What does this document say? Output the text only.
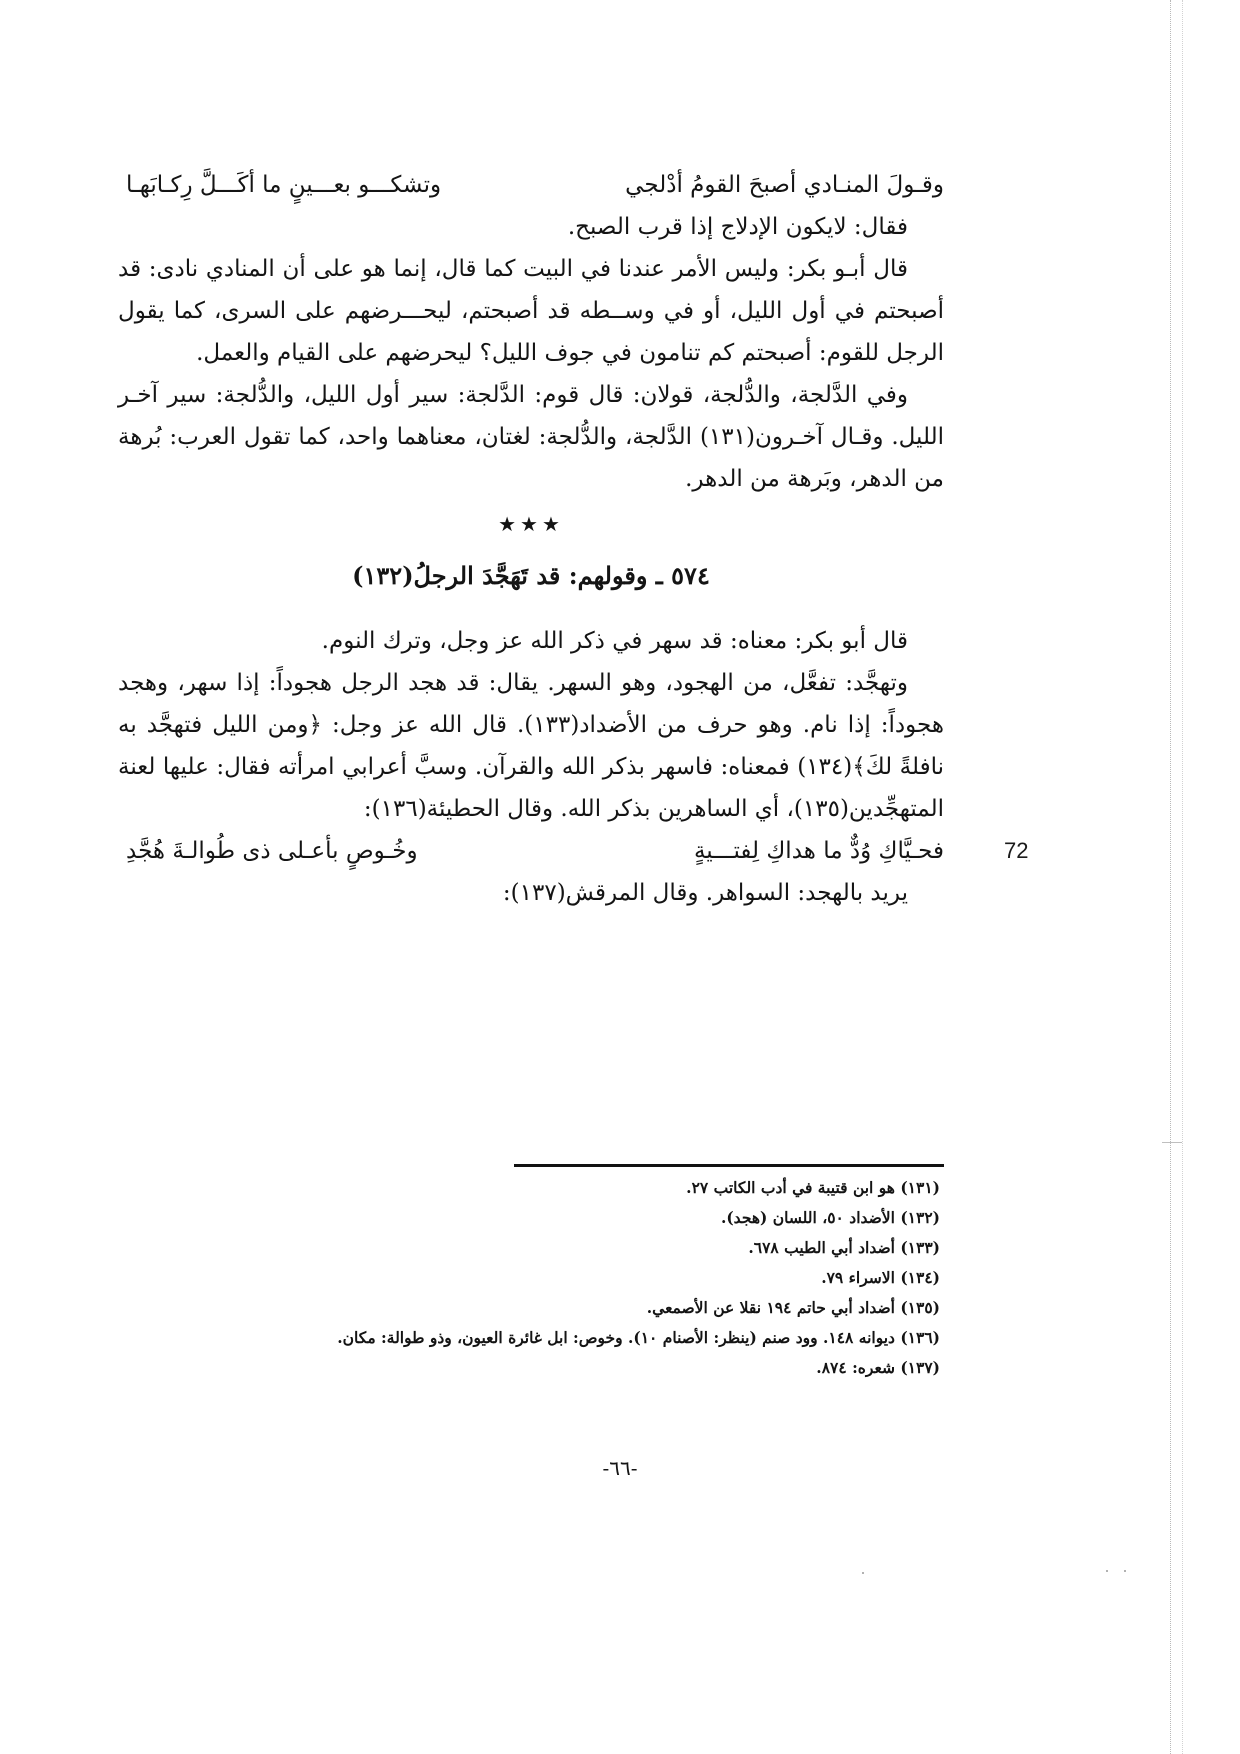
72
وقـولَ المنـادي أصبحَ القومُ أدْلجي
وتشكـــو بعـــينٍ ما أكَـــلَّ رِكـابَهـا

فقال: لايكون الإدلاج إذا قرب الصبح.

قال أبـو بكر: وليس الأمر عندنا في البيت كما قال، إنما هو على أن المنادي نادى: قد أصبحتم في أول الليل، أو في وســطه قد أصبحتم، ليحـــرضهم على السرى، كما يقول الرجل للقوم: أصبحتم كم تنامون في جوف الليل؟ ليحرضهم على القيام والعمل.

وفي الدَّلجة، والدُّلجة، قولان: قال قوم: الدَّلجة: سير أول الليل، والدُّلجة: سير آخـر الليل. وقـال آخـرون(١٣١) الدَّلجة، والدُّلجة: لغتان، معناهما واحد، كما تقول العرب: بُرهة من الدهر، وبَرهة من الدهر.

★★★
٥٧٤ ـ وقولهم: قد تَهَجَّدَ الرجلُ(١٣٢)

قال أبو بكر: معناه: قد سهر في ذكر الله عز وجل، وترك النوم.

وتهجَّد: تفعَّل، من الهجود، وهو السهر. يقال: قد هجد الرجل هجوداً: إذا سهر، وهجد هجوداً: إذا نام. وهو حرف من الأضداد(١٣٣). قال الله عز وجل: ﴿ومن الليل فتهجَّد به نافلةً لكَ﴾(١٣٤) فمعناه: فاسهر بذكر الله والقرآن. وسبَّ أعرابي امرأته فقال: عليها لعنة المتهجِّدين(١٣٥)، أي الساهرين بذكر الله. وقال الحطيئة(١٣٦):

فحـيَّاكِ وُدٌّ ما هداكِ لِفتـــيةٍ
وخُـوصٍ بأعـلى ذى طُوالـةَ هُجَّدِ

يريد بالهجد: السواهر. وقال المرقش(١٣٧):

(١٣١) هو ابن قتيبة في أدب الكاتب ٢٧.

(١٣٢) الأضداد ٥٠، اللسان (هجد).

(١٣٣) أضداد أبي الطيب ٦٧٨.

(١٣٤) الاسراء ٧٩.

(١٣٥) أضداد أبي حاتم ١٩٤ نقلا عن الأصمعي.

(١٣٦) ديوانه ١٤٨. وود صنم (ينظر: الأصنام ١٠). وخوص: ابل غائرة العيون، وذو طوالة: مكان.

(١٣٧) شعره: ٨٧٤.

-٦٦-
